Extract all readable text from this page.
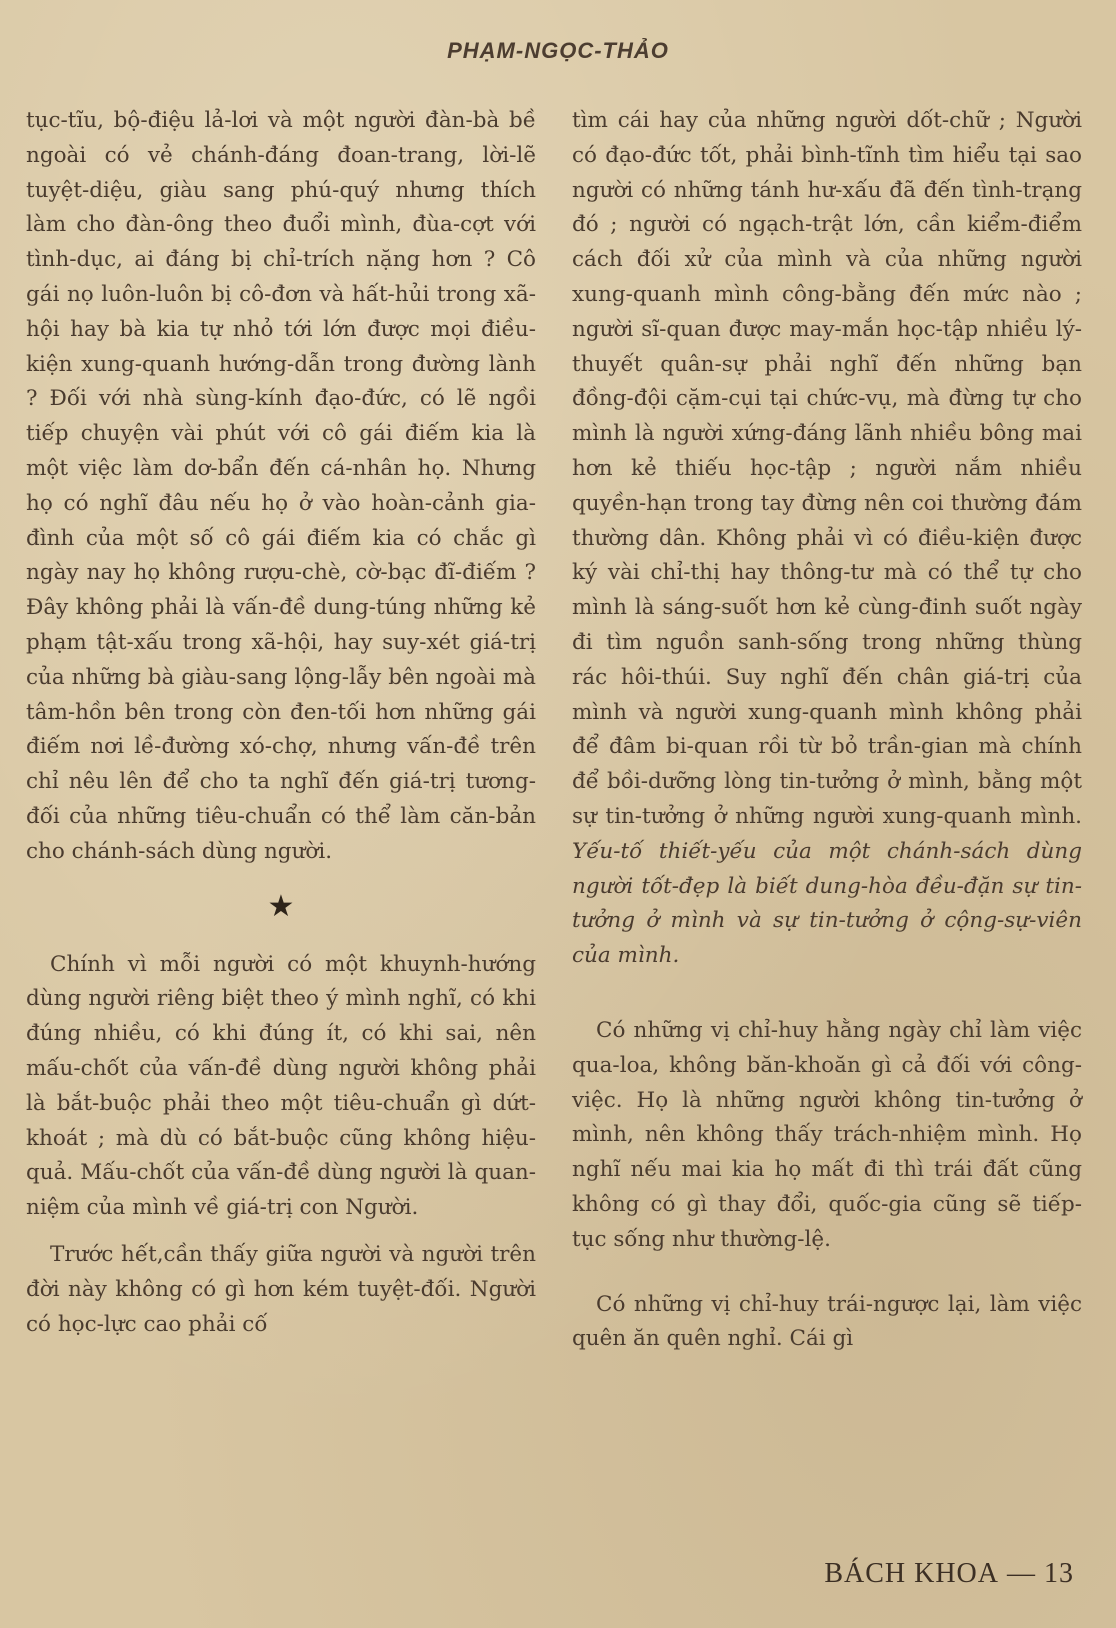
PHẠM-NGỌC-THẢO

tục-tĩu, bộ-điệu lả-lơi và một người đàn-bà bề ngoài có vẻ chánh-đáng đoan-trang, lời-lẽ tuyệt-diệu, giàu sang phú-quý nhưng thích làm cho đàn-ông theo đuổi mình, đùa-cợt với tình-dục, ai đáng bị chỉ-trích nặng hơn ? Cô gái nọ luôn-luôn bị cô-đơn và hất-hủi trong xã-hội hay bà kia tự nhỏ tới lớn được mọi điều-kiện xung-quanh hướng-dẫn trong đường lành ? Đối với nhà sùng-kính đạo-đức, có lẽ ngồi tiếp chuyện vài phút với cô gái điếm kia là một việc làm dơ-bẩn đến cá-nhân họ. Nhưng họ có nghĩ đâu nếu họ ở vào hoàn-cảnh gia-đình của một số cô gái điếm kia có chắc gì ngày nay họ không rượu-chè, cờ-bạc đĩ-điếm ? Đây không phải là vấn-đề dung-túng những kẻ phạm tật-xấu trong xã-hội, hay suy-xét giá-trị của những bà giàu-sang lộng-lẫy bên ngoài mà tâm-hồn bên trong còn đen-tối hơn những gái điếm nơi lề-đường xó-chợ, nhưng vấn-đề trên chỉ nêu lên để cho ta nghĩ đến giá-trị tương-đối của những tiêu-chuẩn có thể làm căn-bản cho chánh-sách dùng người.

★

Chính vì mỗi người có một khuynh-hướng dùng người riêng biệt theo ý mình nghĩ, có khi đúng nhiều, có khi đúng ít, có khi sai, nên mấu-chốt của vấn-đề dùng người không phải là bắt-buộc phải theo một tiêu-chuẩn gì dứt-khoát ; mà dù có bắt-buộc cũng không hiệu-quả. Mấu-chốt của vấn-đề dùng người là quan-niệm của mình về giá-trị con Người.

Trước hết,cần thấy giữa người và người trên đời này không có gì hơn kém tuyệt-đối. Người có học-lực cao phải cố

tìm cái hay của những người dốt-chữ ; Người có đạo-đức tốt, phải bình-tĩnh tìm hiểu tại sao người có những tánh hư-xấu đã đến tình-trạng đó ; người có ngạch-trật lớn, cần kiểm-điểm cách đối xử của mình và của những người xung-quanh mình công-bằng đến mức nào ; người sĩ-quan được may-mắn học-tập nhiều lý-thuyết quân-sự phải nghĩ đến những bạn đồng-đội cặm-cụi tại chức-vụ, mà đừng tự cho mình là người xứng-đáng lãnh nhiều bông mai hơn kẻ thiếu học-tập ; người nắm nhiều quyền-hạn trong tay đừng nên coi thường đám thường dân. Không phải vì có điều-kiện được ký vài chỉ-thị hay thông-tư mà có thể tự cho mình là sáng-suốt hơn kẻ cùng-đinh suốt ngày đi tìm nguồn sanh-sống trong những thùng rác hôi-thúi. Suy nghĩ đến chân giá-trị của mình và người xung-quanh mình không phải để đâm bi-quan rồi từ bỏ trần-gian mà chính để bồi-dưỡng lòng tin-tưởng ở mình, bằng một sự tin-tưởng ở những người xung-quanh mình. Yếu-tố thiết-yếu của một chánh-sách dùng người tốt-đẹp là biết dung-hòa đều-đặn sự tin-tưởng ở mình và sự tin-tưởng ở cộng-sự-viên của mình.

Có những vị chỉ-huy hằng ngày chỉ làm việc qua-loa, không băn-khoăn gì cả đối với công-việc. Họ là những người không tin-tưởng ở mình, nên không thấy trách-nhiệm mình. Họ nghĩ nếu mai kia họ mất đi thì trái đất cũng không có gì thay đổi, quốc-gia cũng sẽ tiếp-tục sống như thường-lệ.

Có những vị chỉ-huy trái-ngược lại, làm việc quên ăn quên nghỉ. Cái gì

BÁCH KHOA — 13
